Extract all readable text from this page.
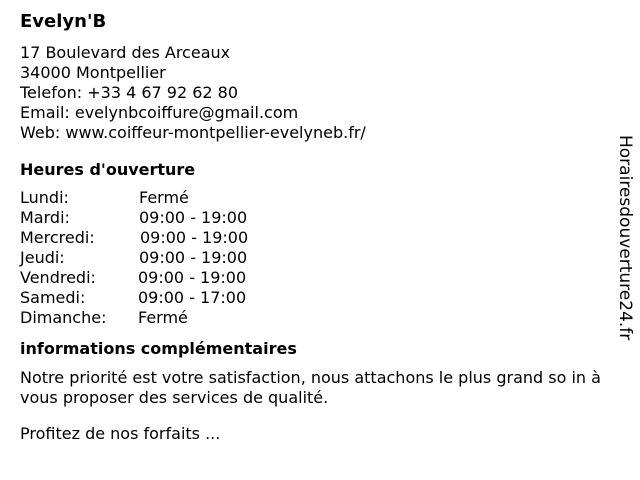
Evelyn'B
17 Boulevard des Arceaux
34000 Montpellier
Telefon: +33 4 67 92 62 80
Email: evelynbcoiffure@gmail.com
Web: www.coiffeur-montpellier-evelyneb.fr/
Heures d'ouverture
Lundi:	Fermé
Mardi:	09:00 - 19:00
Mercredi:	09:00 - 19:00
Jeudi:	09:00 - 19:00
Vendredi:	09:00 - 19:00
Samedi:	09:00 - 17:00
Dimanche: Fermé
informations complémentaires

Notre priorité est votre satisfaction, nous attachons le plus grand so in à vous proposer des services de qualité.

Profitez de nos forfaits ...

Horairesdouverture24.fr
